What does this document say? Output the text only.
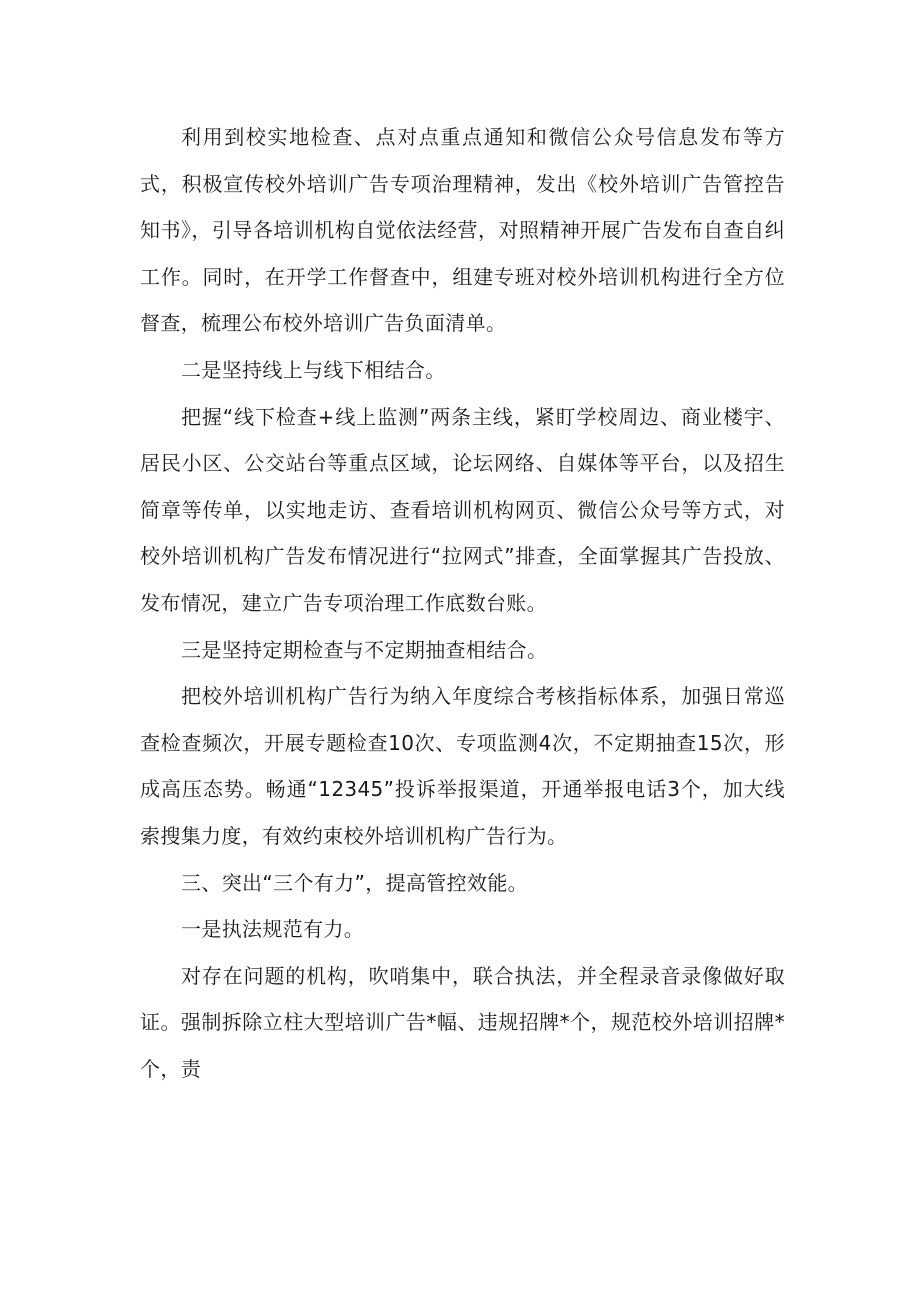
利用到校实地检查、点对点重点通知和微信公众号信息发布等方式，积极宣传校外培训广告专项治理精神，发出《校外培训广告管控告知书》，引导各培训机构自觉依法经营，对照精神开展广告发布自查自纠工作。同时，在开学工作督查中，组建专班对校外培训机构进行全方位督查，梳理公布校外培训广告负面清单。

二是坚持线上与线下相结合。

把握“线下检查+线上监测”两条主线，紧盯学校周边、商业楼宇、居民小区、公交站台等重点区域，论坛网络、自媒体等平台，以及招生简章等传单，以实地走访、查看培训机构网页、微信公众号等方式，对校外培训机构广告发布情况进行“拉网式”排查，全面掌握其广告投放、发布情况，建立广告专项治理工作底数台账。

三是坚持定期检查与不定期抽查相结合。

把校外培训机构广告行为纳入年度综合考核指标体系，加强日常巡查检查频次，开展专题检查10次、专项监测4次，不定期抽查15次，形成高压态势。畅通“12345”投诉举报渠道，开通举报电话3个，加大线索搜集力度，有效约束校外培训机构广告行为。

三、突出“三个有力”，提高管控效能。

一是执法规范有力。

对存在问题的机构，吹哨集中，联合执法，并全程录音录像做好取证。强制拆除立柱大型培训广告*幅、违规招牌*个，规范校外培训招牌*个，责
